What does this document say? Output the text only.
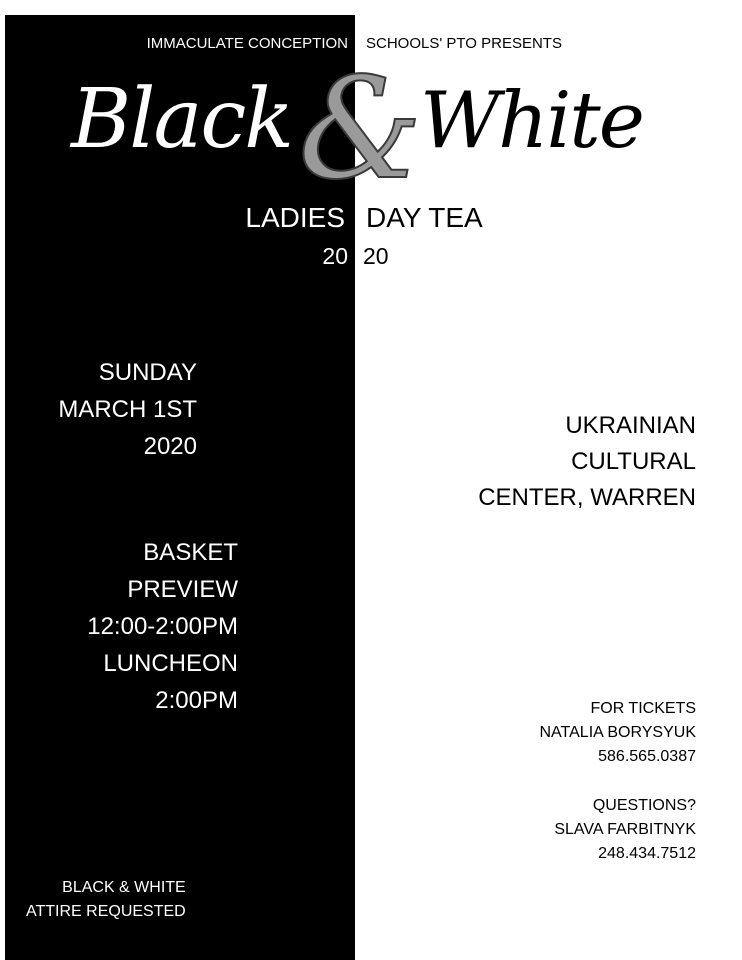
IMMACULATE CONCEPTION SCHOOLS' PTO PRESENTS
Black &
White
LADIES DAY TEA
20 20
SUNDAY
MARCH 1ST
2020
UKRAINIAN
CULTURAL
CENTER, WARREN
BASKET
PREVIEW
12:00-2:00PM
LUNCHEON
2:00PM	FOR TICKETS
NATALIA BORYSYUK
586.565.0387
QUESTIONS?
SLAVA FARBITNYK
248.434.7512
BLACK & WHITE
ATTIRE REQUESTED
